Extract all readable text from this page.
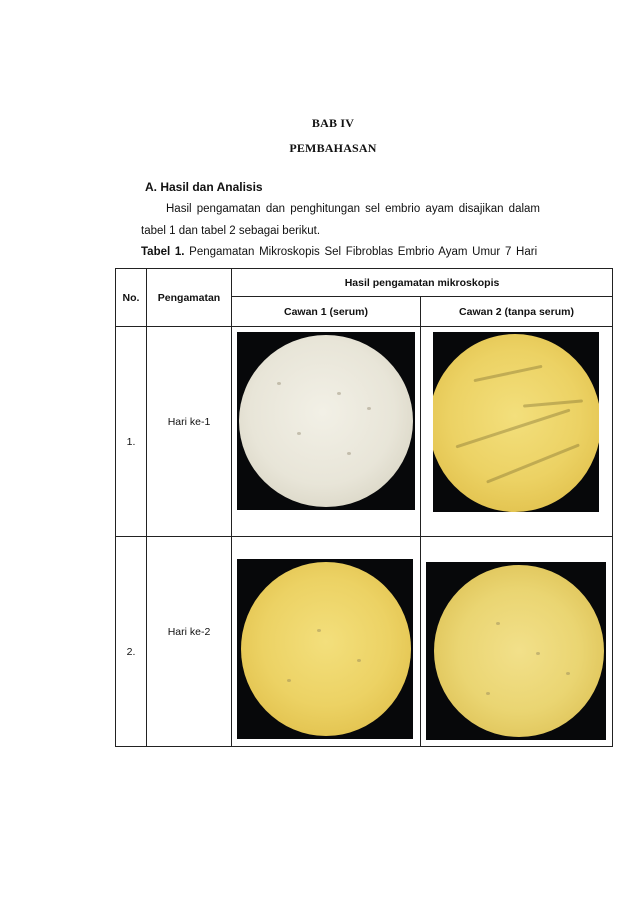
BAB IV
PEMBAHASAN
A. Hasil dan Analisis
Hasil pengamatan dan penghitungan sel embrio ayam disajikan dalam
tabel 1 dan tabel 2 sebagai berikut.
Tabel 1. Pengamatan Mikroskopis Sel Fibroblas Embrio Ayam Umur 7 Hari
No.	Pengamatan	Hasil pengamatan mikroskopis	
		Cawan 1 (serum)	Cawan 2 (tanpa serum)
1.	Hari ke-1	

2.	Hari ke-2	
